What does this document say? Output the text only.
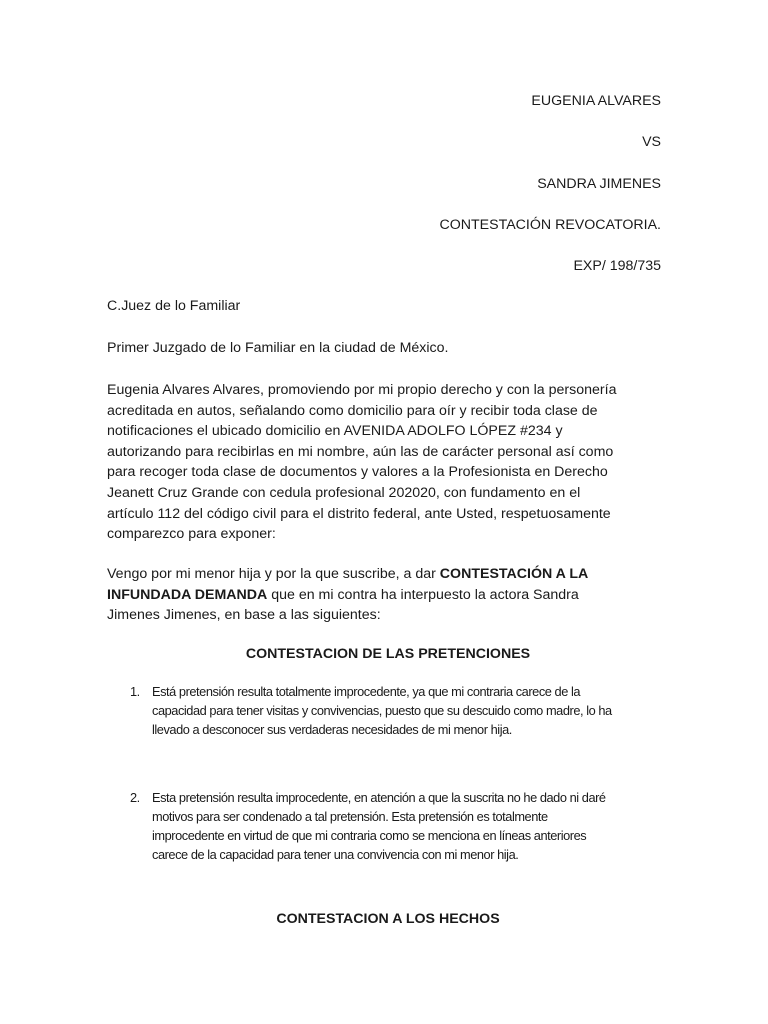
EUGENIA ALVARES

VS

SANDRA JIMENES

CONTESTACIÓN REVOCATORIA.

EXP/ 198/735

C.Juez de lo Familiar

Primer Juzgado de lo Familiar en la ciudad de México.

Eugenia Alvares Alvares, promoviendo por mi propio derecho y con la personería
acreditada en autos, señalando como domicilio para oír y recibir toda clase de
notificaciones el ubicado domicilio en AVENIDA ADOLFO LÓPEZ #234 y
autorizando para recibirlas en mi nombre, aún las de carácter personal así como
para recoger toda clase de documentos y valores a la Profesionista en Derecho
Jeanett Cruz Grande con cedula profesional 202020, con fundamento en el
artículo 112 del código civil para el distrito federal, ante Usted, respetuosamente
comparezco para exponer:
Vengo por mi menor hija y por la que suscribe, a dar CONTESTACIÓN A LA
INFUNDADA DEMANDA que en mi contra ha interpuesto la actora Sandra
Jimenes Jimenes, en base a las siguientes:

CONTESTACION DE LAS PRETENCIONES

1. Está pretensión resulta totalmente improcedente, ya que mi contraria carece de la
capacidad para tener visitas y convivencias, puesto que su descuido como madre, lo ha
llevado a desconocer sus verdaderas necesidades de mi menor hija.
2. Esta pretensión resulta improcedente, en atención a que la suscrita no he dado ni daré
motivos para ser condenado a tal pretensión. Esta pretensión es totalmente
improcedente en virtud de que mi contraria como se menciona en líneas anteriores
carece de la capacidad para tener una convivencia con mi menor hija.

CONTESTACION A LOS HECHOS
